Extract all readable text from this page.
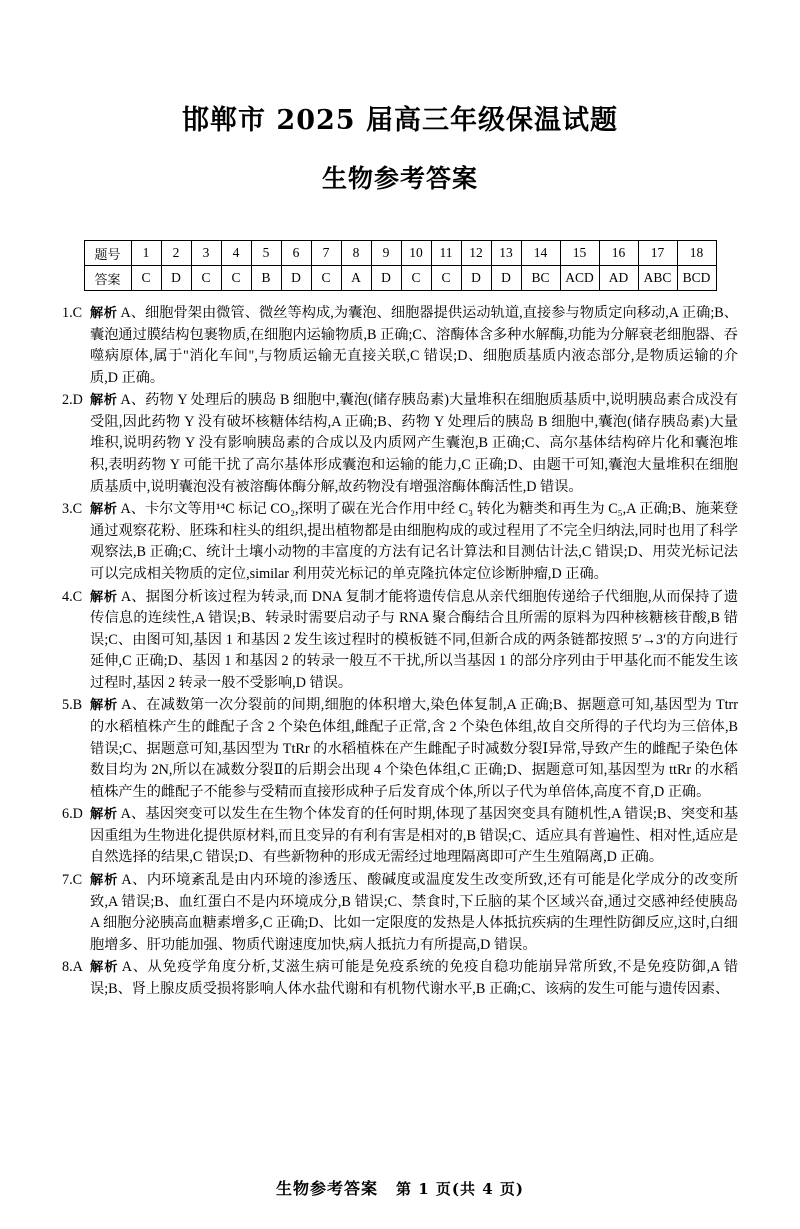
邯郸市 2025 届高三年级保温试题
生物参考答案
题号	1	2	3	4	5	6	7	8	9	10	11	12	13	14	15	16	17	18
答案	C	D	C	C	B	D	C	A	D	C	C	D	D	BC	ACD	AD	ABC	BCD
1.C 解析 A、细胞骨架由微管、微丝等构成,为囊泡、细胞器提供运动轨道,直接参与物质定向移动,A 正确;B、囊泡通过膜结构包裹物质,在细胞内运输物质,B 正确;C、溶酶体含多种水解酶,功能为分解衰老细胞器、吞噬病原体,属于"消化车间",与物质运输无直接关联,C 错误;D、细胞质基质内液态部分,是物质运输的介质,D 正确。
2.D 解析 A、药物 Y 处理后的胰岛 B 细胞中,囊泡(储存胰岛素)大量堆积在细胞质基质中,说明胰岛素合成没有受阻,因此药物 Y 没有破坏核糖体结构,A 正确;B、药物 Y 处理后的胰岛 B 细胞中,囊泡(储存胰岛素)大量堆积,说明药物 Y 没有影响胰岛素的合成以及内质网产生囊泡,B 正确;C、高尔基体结构碎片化和囊泡堆积,表明药物 Y 可能干扰了高尔基体形成囊泡和运输的能力,C 正确;D、由题干可知,囊泡大量堆积在细胞质基质中,说明囊泡没有被溶酶体酶分解,故药物没有增强溶酶体酶活性,D 错误。
3.C 解析 A、卡尔文等用¹⁴C 标记 CO₂,探明了碳在光合作用中经 C₃ 转化为糖类和再生为 C₅,A 正确;B、施莱登通过观察花粉、胚珠和柱头的组织,提出植物都是由细胞构成的或过程用了不完全归纳法,同时也用了科学观察法,B 正确;C、统计土壤小动物的丰富度的方法有记名计算法和目测估计法,C 错误;D、用荧光标记法可以完成相关物质的定位,similar 利用荧光标记的单克隆抗体定位诊断肿瘤,D 正确。
4.C 解析 A、据图分析该过程为转录,而 DNA 复制才能将遗传信息从亲代细胞传递给子代细胞,从而保持了遗传信息的连续性,A 错误;B、转录时需要启动子与 RNA 聚合酶结合且所需的原料为四种核糖核苷酸,B 错误;C、由图可知,基因 1 和基因 2 发生该过程时的模板链不同,但新合成的两条链都按照 5′→3′的方向进行延伸,C 正确;D、基因 1 和基因 2 的转录一般互不干扰,所以当基因 1 的部分序列由于甲基化而不能发生该过程时,基因 2 转录一般不受影响,D 错误。
5.B 解析 A、在减数第一次分裂前的间期,细胞的体积增大,染色体复制,A 正确;B、据题意可知,基因型为 Ttrr 的水稻植株产生的雌配子含 2 个染色体组,雌配子正常,含 2 个染色体组,故自交所得的子代均为三倍体,B 错误;C、据题意可知,基因型为 TtRr 的水稻植株在产生雌配子时减数分裂Ⅰ异常,导致产生的雌配子染色体数目均为 2N,所以在减数分裂Ⅱ的后期会出现 4 个染色体组,C 正确;D、据题意可知,基因型为 ttRr 的水稻植株产生的雌配子不能参与受精而直接形成种子后发育成个体,所以子代为单倍体,高度不育,D 正确。
6.D 解析 A、基因突变可以发生在生物个体发育的任何时期,体现了基因突变具有随机性,A 错误;B、突变和基因重组为生物进化提供原材料,而且变异的有利有害是相对的,B 错误;C、适应具有普遍性、相对性,适应是自然选择的结果,C 错误;D、有些新物种的形成无需经过地理隔离即可产生生殖隔离,D 正确。
7.C 解析 A、内环境紊乱是由内环境的渗透压、酸碱度或温度发生改变所致,还有可能是化学成分的改变所致,A 错误;B、血红蛋白不是内环境成分,B 错误;C、禁食时,下丘脑的某个区域兴奋,通过交感神经使胰岛 A 细胞分泌胰高血糖素增多,C 正确;D、比如一定限度的发热是人体抵抗疾病的生理性防御反应,这时,白细胞增多、肝功能加强、物质代谢速度加快,病人抵抗力有所提高,D 错误。
8.A 解析 A、从免疫学角度分析,艾滋生病可能是免疫系统的免疫自稳功能崩异常所致,不是免疫防御,A 错误;B、肾上腺皮质受损将影响人体水盐代谢和有机物代谢水平,B 正确;C、该病的发生可能与遗传因素、
生物参考答案 第 1 页(共 4 页)
